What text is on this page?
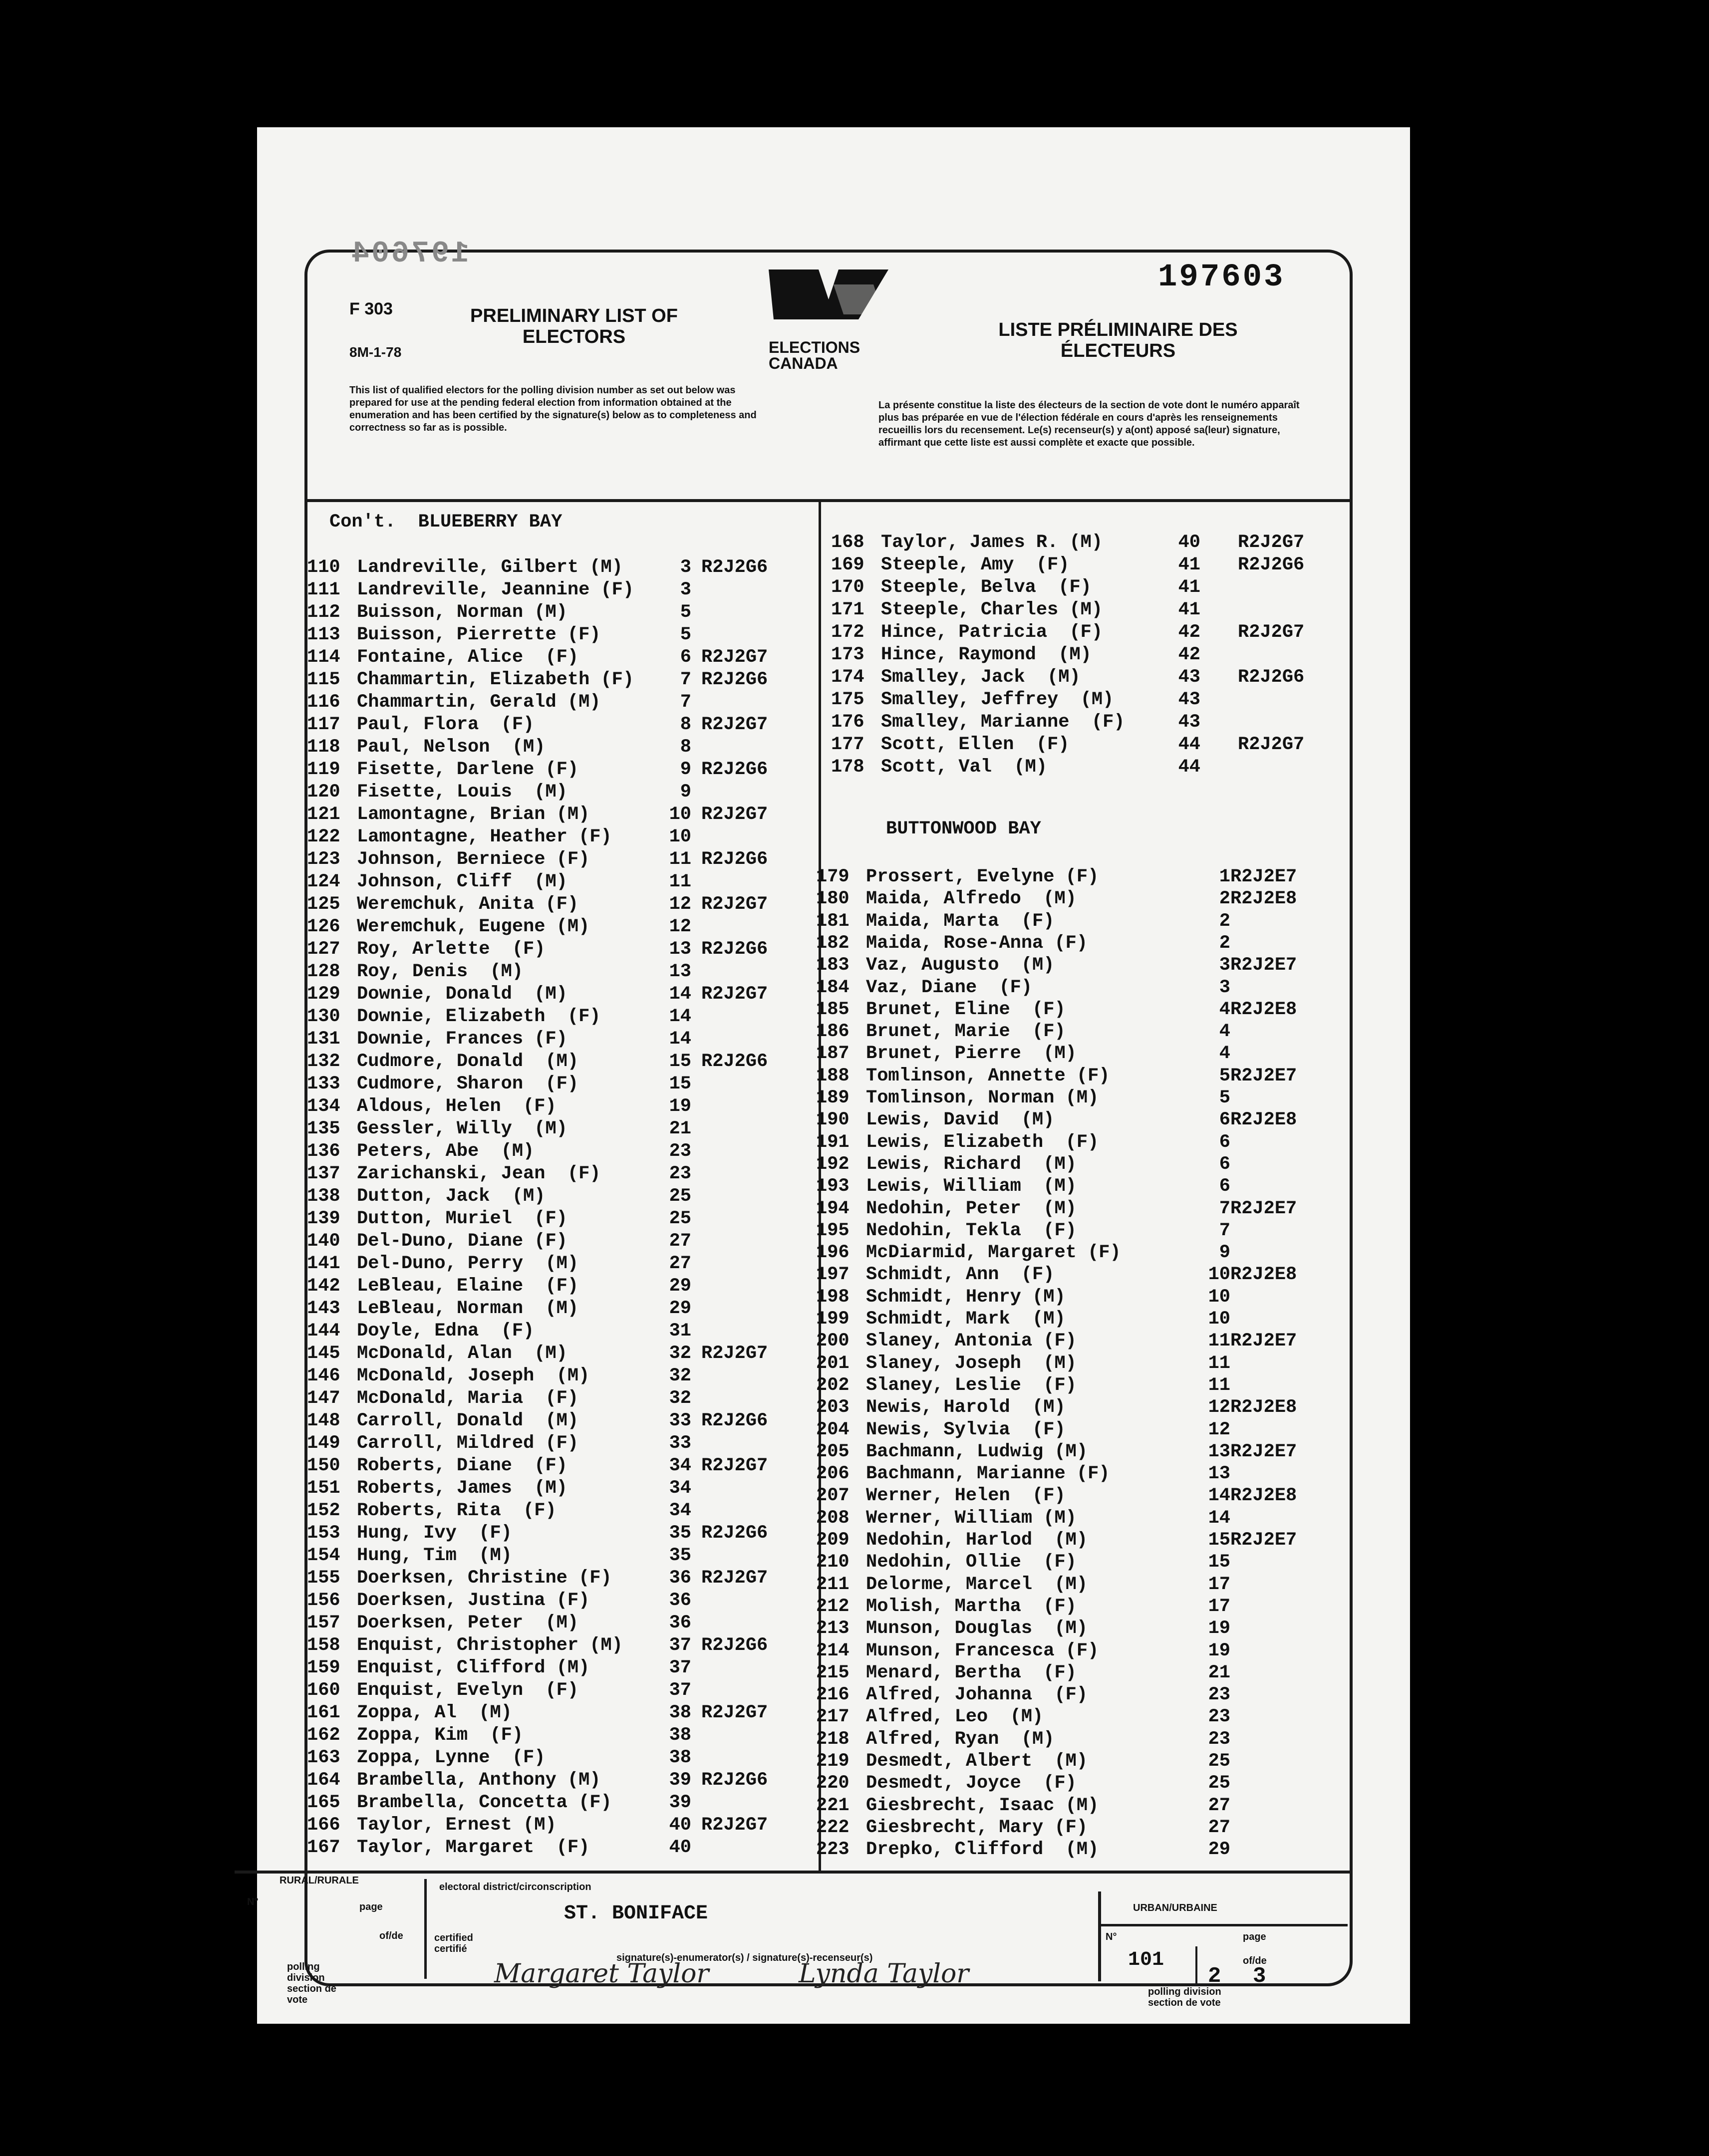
197604
197603
F 303
8M-1-78
PRELIMINARY LIST OF ELECTORS	LISTE PRÉLIMINAIRE DES ÉLECTEURS
ELECTIONS CANADA
This list of qualified electors for the polling division number as set out below was prepared for use at the pending federal election from information obtained at the enumeration and has been certified by the signature(s) below as to completeness and correctness so far as is possible.
La présente constitue la liste des électeurs de la section de vote dont le numéro apparaît plus bas préparée en vue de l'élection fédérale en cours d'après les renseignements recueillis lors du recensement. Le(s) recenseur(s) y a(ont) apposé sa(leur) signature, affirmant que cette liste est aussi complète et exacte que possible.
Con't.  BLUEBERRY BAY
BUTTONWOOD BAY
110 Landreville, Gilbert (M)	3 R2J2G6
111 Landreville, Jeannine (F)	3
112 Buisson, Norman (M)	5
113 Buisson, Pierrette (F)	5
114 Fontaine, Alice  (F)	6 R2J2G7
115 Chammartin, Elizabeth (F)	7 R2J2G6
116 Chammartin, Gerald (M)	7
117 Paul, Flora  (F)	8 R2J2G7
118 Paul, Nelson  (M)	8
119 Fisette, Darlene (F)	9 R2J2G6
120 Fisette, Louis  (M)	9
121 Lamontagne, Brian (M)	10 R2J2G7
122 Lamontagne, Heather (F)	10
123 Johnson, Berniece (F)	11 R2J2G6
124 Johnson, Cliff  (M)	11
125 Weremchuk, Anita (F)	12 R2J2G7
126 Weremchuk, Eugene (M)	12
127 Roy, Arlette  (F)	13 R2J2G6
128 Roy, Denis  (M)	13
129 Downie, Donald  (M)	14 R2J2G7
130 Downie, Elizabeth  (F)	14
131 Downie, Frances (F)	14
132 Cudmore, Donald  (M)	15 R2J2G6
133 Cudmore, Sharon  (F)	15
134 Aldous, Helen  (F)	19
135 Gessler, Willy  (M)	21
136 Peters, Abe  (M)	23
137 Zarichanski, Jean  (F)	23
138 Dutton, Jack  (M)	25
139 Dutton, Muriel  (F)	25
140 Del-Duno, Diane (F)	27
141 Del-Duno, Perry  (M)	27
142 LeBleau, Elaine  (F)	29
143 LeBleau, Norman  (M)	29
144 Doyle, Edna  (F)	31
145 McDonald, Alan  (M)	32 R2J2G7
146 McDonald, Joseph  (M)	32
147 McDonald, Maria  (F)	32
148 Carroll, Donald  (M)	33 R2J2G6
149 Carroll, Mildred (F)	33
150 Roberts, Diane  (F)	34 R2J2G7
151 Roberts, James  (M)	34
152 Roberts, Rita  (F)	34
153 Hung, Ivy  (F)	35 R2J2G6
154 Hung, Tim  (M)	35
155 Doerksen, Christine (F)	36 R2J2G7
156 Doerksen, Justina (F)	36
157 Doerksen, Peter  (M)	36
158 Enquist, Christopher (M)	37 R2J2G6
159 Enquist, Clifford (M)	37
160 Enquist, Evelyn  (F)	37
161 Zoppa, Al  (M)	38 R2J2G7
162 Zoppa, Kim  (F)	38
163 Zoppa, Lynne  (F)	38
164 Brambella, Anthony (M)	39 R2J2G6
165 Brambella, Concetta (F)	39
166 Taylor, Ernest (M)	40 R2J2G7
167 Taylor, Margaret  (F)	40
168 Taylor, James R. (M)	40 R2J2G7
169 Steeple, Amy  (F)	41 R2J2G6
170 Steeple, Belva  (F)	41
171 Steeple, Charles (M)	41
172 Hince, Patricia  (F)	42 R2J2G7
173 Hince, Raymond  (M)	42
174 Smalley, Jack  (M)	43 R2J2G6
175 Smalley, Jeffrey  (M)	43
176 Smalley, Marianne  (F)	43
177 Scott, Ellen  (F)	44 R2J2G7
178 Scott, Val  (M)	44
179 Prossert, Evelyne (F)	1 R2J2E7
180 Maida, Alfredo  (M)	2 R2J2E8
181 Maida, Marta  (F)	2
182 Maida, Rose-Anna (F)	2
183 Vaz, Augusto  (M)	3 R2J2E7
184 Vaz, Diane  (F)	3
185 Brunet, Eline  (F)	4 R2J2E8
186 Brunet, Marie  (F)	4
187 Brunet, Pierre  (M)	4
188 Tomlinson, Annette (F)	5 R2J2E7
189 Tomlinson, Norman (M)	5
190 Lewis, David  (M)	6 R2J2E8
191 Lewis, Elizabeth  (F)	6
192 Lewis, Richard  (M)	6
193 Lewis, William  (M)	6
194 Nedohin, Peter  (M)	7 R2J2E7
195 Nedohin, Tekla  (F)	7
196 McDiarmid, Margaret (F)	9
197 Schmidt, Ann  (F)	10 R2J2E8
198 Schmidt, Henry (M)	10
199 Schmidt, Mark  (M)	10
200 Slaney, Antonia (F)	11 R2J2E7
201 Slaney, Joseph  (M)	11
202 Slaney, Leslie  (F)	11
203 Newis, Harold  (M)	12 R2J2E8
204 Newis, Sylvia  (F)	12
205 Bachmann, Ludwig (M)	13 R2J2E7
206 Bachmann, Marianne (F)	13
207 Werner, Helen  (F)	14 R2J2E8
208 Werner, William (M)	14
209 Nedohin, Harlod  (M)	15 R2J2E7
210 Nedohin, Ollie  (F)	15
211 Delorme, Marcel  (M)	17
212 Molish, Martha  (F)	17
213 Munson, Douglas  (M)	19
214 Munson, Francesca (F)	19
215 Menard, Bertha  (F)	21
216 Alfred, Johanna  (F)	23
217 Alfred, Leo  (M)	23
218 Alfred, Ryan  (M)	23
219 Desmedt, Albert  (M)	25
220 Desmedt, Joyce  (F)	25
221 Giesbrecht, Isaac (M)	27
222 Giesbrecht, Mary (F)	27
223 Drepko, Clifford  (M)	29
RURAL/RURALE
URBAN/URBAINE
N°	page
of/de
electoral district/circonscription
ST. BONIFACE
certified certifié
signature(s)-enumerator(s) / signature(s)-recenseur(s)
polling division section de vote
polling division section de vote
N°	page
of/de
101
2 3
Margaret Taylor	Lynda Taylor
